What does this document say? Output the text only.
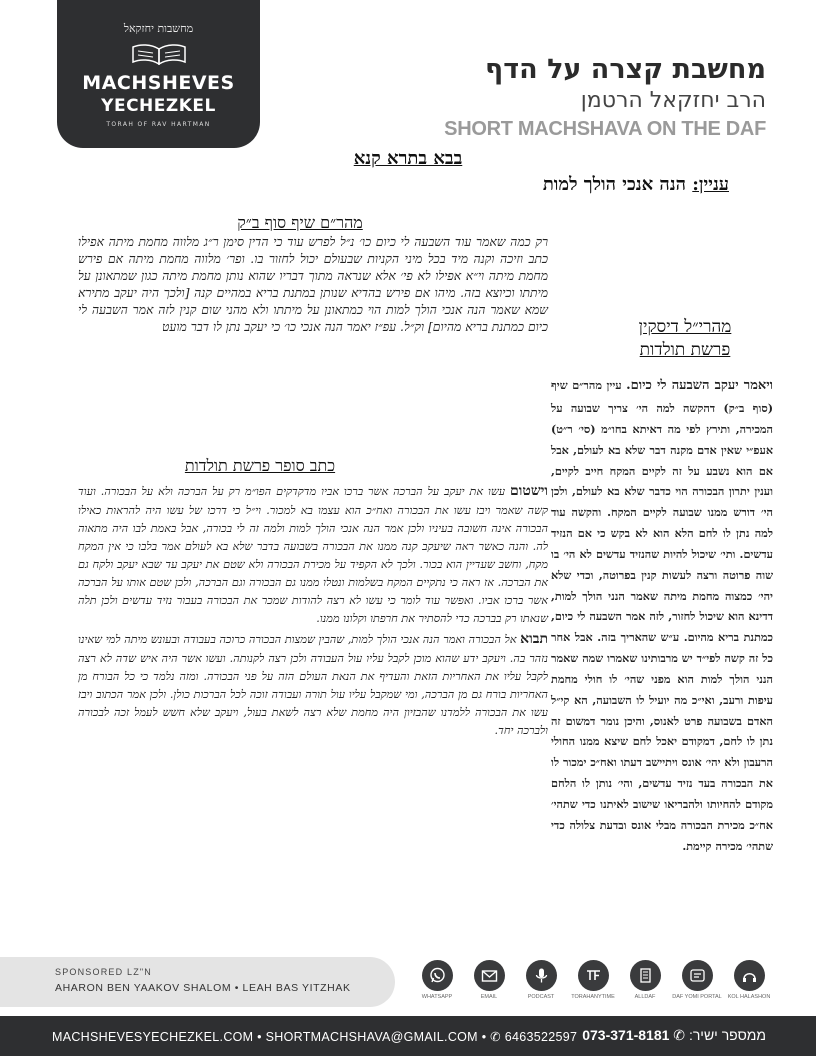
מחשבות יחזקאל
MACHSHEVES
YECHEZKEL
TORAH OF RAV HARTMAN
מחשבת קצרה על הדף
הרב יחזקאל הרטמן
SHORT MACHSHAVA ON THE DAF
בבא בתרא קנא
עניין: הנה אנכי הולך למות
מהר״ם שיף סוף ב״ק
רק כמה שאמר עוד השבעה לי כיום כו׳ נ״ל לפרש עוד כי הדין סימן ר״ג מלווה מחמת מיתה אפילו כתב וזיכה וקנה מיד בכל מיני הקניות שבעולם יכול לחזור בו. ופר׳ מלווה מחמת מיתה אם פירש מחמת מיתה וי״א אפילו לא פי׳ אלא שנראה מתוך דבריו שהוא נותן מחמת מיתה כגון שמתאונן על מיתתו וכיוצא בזה. מיהו אם פירש בהדיא שנותן במתנת בריא במהיים קנה [ולכך היה יעקב מתירא שמא שאמר הנה אנכי הולך למות הוי כמתאונן על מיתתו ולא מהני שום קנין לזה אמר השבעה לי כיום כמתנת בריא מהיום] וק״ל. עפ״ז יאמר הנה אנכי כו׳ כי יעקב נתן לו דבר מועט
כתב סופר פרשת תולדות
וישטום עשו את יעקב על הברכה אשר ברכו אביו מדקדקים הפו״מ רק על הברכה ולא על הבכורה. ועוד קשה שאמר ויבז עשו את הבכורה ואח״כ הוא עצמו בא למכור. וי״ל כי דרכו של עשו היה להראות כאילו הבכורה אינה חשובה בעיניו ולכן אמר הנה אנכי הולך למות ולמה זה לי בכורה, אבל באמת לבו היה מתאוה לה. והנה כאשר ראה שיעקב קנה ממנו את הבכורה בשבועה בדבר שלא בא לעולם אמר בלבו כי אין המקח מקח, וחשב שעדיין הוא בכור. ולכך לא הקפיד על מכירת הבכורה ולא שטם את יעקב עד שבא יעקב ולקח גם את הברכה. אז ראה כי נתקיים המקח בשלמות ונטלו ממנו גם הבכורה וגם הברכה, ולכן שטם אותו על הברכה אשר ברכו אביו. ואפשר עוד לומר כי עשו לא רצה להודות שמכר את הבכורה בעבור נזיד עדשים ולכן תלה שנאתו רק בברכה כדי להסתיר את חרפתו וקלונו ממנו.
תבוא אל הבכורה ואמר הנה אנכי הולך למות, שהבין שמצות הבכורה כרוכה בעבודה ובעונש מיתה למי שאינו נזהר בה. ויעקב ידע שהוא מוכן לקבל עליו עול העבודה ולכן רצה לקנותה. ועשו אשר היה איש שדה לא רצה לקבל עליו את האחריות הזאת והעדיף את הנאת העולם הזה על פני הבכורה. ומזה נלמד כי כל הבורח מן האחריות בורח גם מן הברכה, ומי שמקבל עליו עול תורה ועבודה זוכה לכל הברכות כולן. ולכן אמר הכתוב ויבז עשו את הבכורה ללמדנו שהבזיון היה מחמת שלא רצה לשאת בעול, ויעקב שלא חשש לעמל זכה לבכורה ולברכה יחד.
מהרי״ל דיסקין
פרשת תולדות
ויאמר יעקב השבעה לי כיום. עיין מהר״ם שיף (סוף ב״ק) דהקשה למה הי׳ צריך שבועה על המכירה, ותירץ לפי מה דאיתא בחו״מ (סי׳ ר״ט) אעפ״י שאין אדם מקנה דבר שלא בא לעולם, אבל אם הוא נשבע על זה לקיים המקח חייב לקיים, וענין יתרון הבכורה הוי כדבר שלא בא לעולם, ולכן הי׳ דורש ממנו שבועה לקיים המקח. והקשה עוד למה נתן לו לחם הלא הוא לא בקש כי אם הנזיד עדשים. ותי׳ שיכול להיות שהנזיד עדשים לא הי׳ בו שוה פרוטה ורצה לעשות קנין בפרוטה, וכדי שלא יהי׳ כמצוה מחמת מיתה שאמר הנני הולך למות, דדינא הוא שיכול לחזור, לזה אמר השבעה לי כיום, כמתנת בריא מהיום. ע״ש שהאריך בזה. אבל אחר כל זה קשה לפי״ד יש מרבותינו שאמרו שמה שאמר הנני הולך למות הוא מפני שהי׳ לו חולי מחמת עיפות ורעב, ואי״כ מה יועיל לו השבועה, הא קי״ל האדם בשבועה פרט לאנוס, והיכן נומר דמשום זה נתן לו לחם, דמקודם יאכל לחם שיצא ממנו החולי הרעבון ולא יהי׳ אונס ויתיישב דעתו ואח״כ ימכור לו את הבכורה בעד נזיד עדשים, והי׳ נותן לו הלחם מקודם להחיותו ולהבריאו שישוב לאיתנו כדי שתהי׳ אח״כ מכירת הבכורה מבלי אונס ובדעת צלולה כדי שתהי׳ מכירה קיימת.
SPONSORED LZ"N
AHARON BEN YAAKOV SHALOM • LEAH BAS YITZHAK
WHATSAPP	EMAIL	PODCAST	TORAHANYTIME	ALLDAF	DAF YOMI PORTAL	KOL HALASHON
MACHSHEVESYECHEZKEL.COM • SHORTMACHSHAVA@GMAIL.COM • ✆ 6463522597	ממספר ישיר: ✆ 073-371-8181
